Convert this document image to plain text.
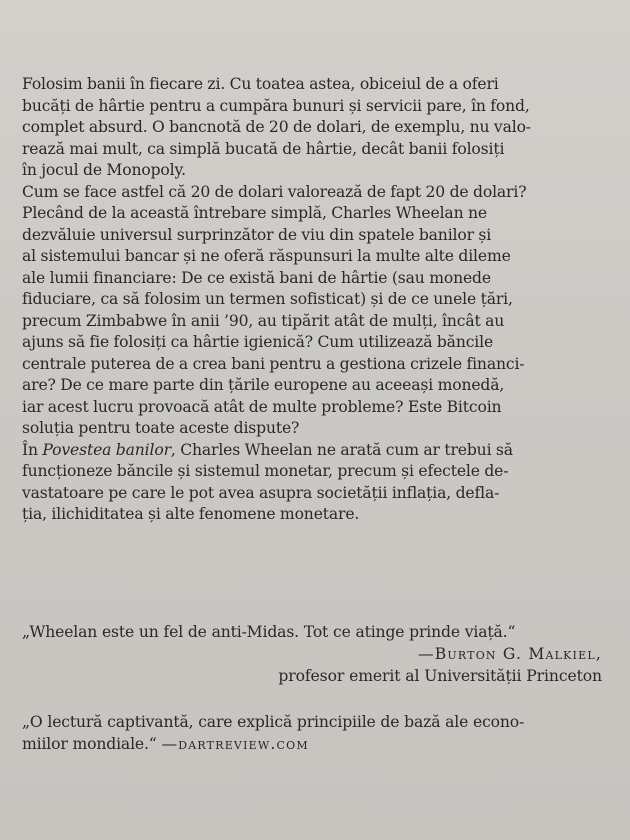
Folosim banii în fiecare zi. Cu toatea astea, obiceiul de a oferi
bucăți de hârtie pentru a cumpăra bunuri și servicii pare, în fond,
complet absurd. O bancnotă de 20 de dolari, de exemplu, nu valo-
rează mai mult, ca simplă bucată de hârtie, decât banii folosiți
în jocul de Monopoly.

Cum se face astfel că 20 de dolari valorează de fapt 20 de dolari?
Plecând de la această întrebare simplă, Charles Wheelan ne
dezvăluie universul surprinzător de viu din spatele banilor și
al sistemului bancar și ne oferă răspunsuri la multe alte dileme
ale lumii financiare: De ce există bani de hârtie (sau monede
fiduciare, ca să folosim un termen sofisticat) și de ce unele țări,
precum Zimbabwe în anii ’90, au tipărit atât de mulți, încât au
ajuns să fie folosiți ca hârtie igienică? Cum utilizează băncile
centrale puterea de a crea bani pentru a gestiona crizele financi-
are? De ce mare parte din țările europene au aceeași monedă,
iar acest lucru provoacă atât de multe probleme? Este Bitcoin
soluția pentru toate aceste dispute?

În Povestea banilor, Charles Wheelan ne arată cum ar trebui să
funcționeze băncile și sistemul monetar, precum și efectele de-
vastatoare pe care le pot avea asupra societății inflația, defla-
ția, ilichiditatea și alte fenomene monetare.

„Wheelan este un fel de anti-Midas. Tot ce atinge prinde viață.“
—Burton G. Malkiel,
profesor emerit al Universității Princeton
„O lectură captivantă, care explică principiile de bază ale econo-
miilor mondiale.“ —dartreview.com
